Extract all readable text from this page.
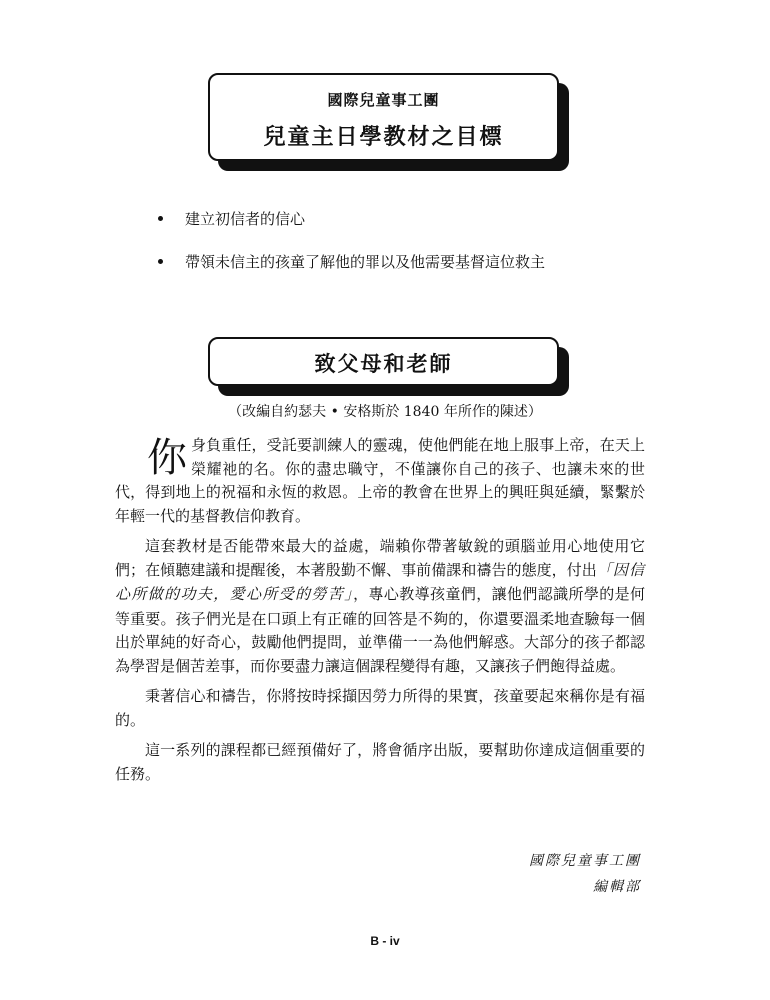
國際兒童事工團
兒童主日學教材之目標
建立初信者的信心
帶領未信主的孩童了解他的罪以及他需要基督這位救主
致父母和老師
（改編自約瑟夫 • 安格斯於 1840 年所作的陳述）

你身負重任，受託要訓練人的靈魂，使他們能在地上服事上帝，在天上榮耀祂的名。你的盡忠職守，不僅讓你自己的孩子、也讓未來的世代，得到地上的祝福和永恆的救恩。上帝的教會在世界上的興旺與延續，緊繫於年輕一代的基督教信仰教育。

這套教材是否能帶來最大的益處，端賴你帶著敏銳的頭腦並用心地使用它們；在傾聽建議和提醒後，本著殷勤不懈、事前備課和禱告的態度，付出「因信心所做的功夫，愛心所受的勞苦」，專心教導孩童們，讓他們認識所學的是何等重要。孩子們光是在口頭上有正確的回答是不夠的，你還要溫柔地查驗每一個出於單純的好奇心，鼓勵他們提問，並準備一一為他們解惑。大部分的孩子都認為學習是個苦差事，而你要盡力讓這個課程變得有趣，又讓孩子們飽得益處。

秉著信心和禱告，你將按時採擷因勞力所得的果實，孩童要起來稱你是有福的。

這一系列的課程都已經預備好了，將會循序出版，要幫助你達成這個重要的任務。

國際兒童事工團
編輯部
B - iv
